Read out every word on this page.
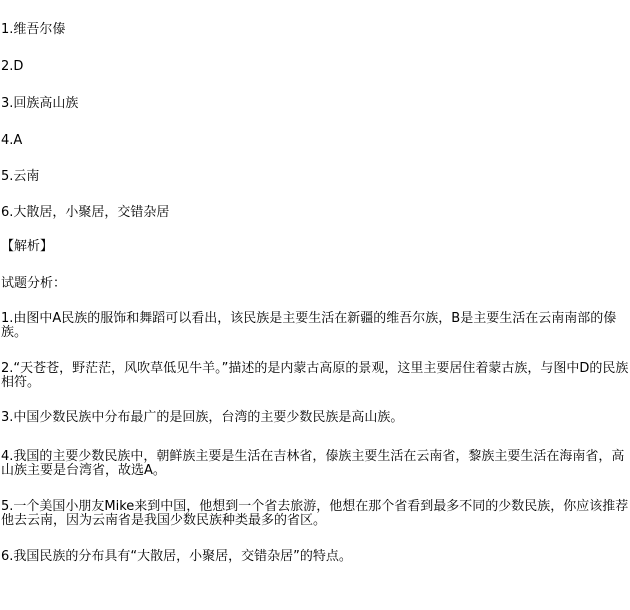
1.维吾尔傣
2.D
3.回族高山族
4.A
5.云南
6.大散居，小聚居，交错杂居
【解析】
试题分析：
1.由图中A民族的服饰和舞蹈可以看出，该民族是主要生活在新疆的维吾尔族，B是主要生活在云南南部的傣族。
2.“天苍苍，野茫茫，风吹草低见牛羊。”描述的是内蒙古高原的景观，这里主要居住着蒙古族，与图中D的民族相符。
3.中国少数民族中分布最广的是回族，台湾的主要少数民族是高山族。
4.我国的主要少数民族中，朝鲜族主要是生活在吉林省，傣族主要生活在云南省，黎族主要生活在海南省，高山族主要是台湾省，故选A。
5.一个美国小朋友Mike来到中国，他想到一个省去旅游，他想在那个省看到最多不同的少数民族，你应该推荐他去云南，因为云南省是我国少数民族种类最多的省区。
6.我国民族的分布具有“大散居，小聚居，交错杂居”的特点。
